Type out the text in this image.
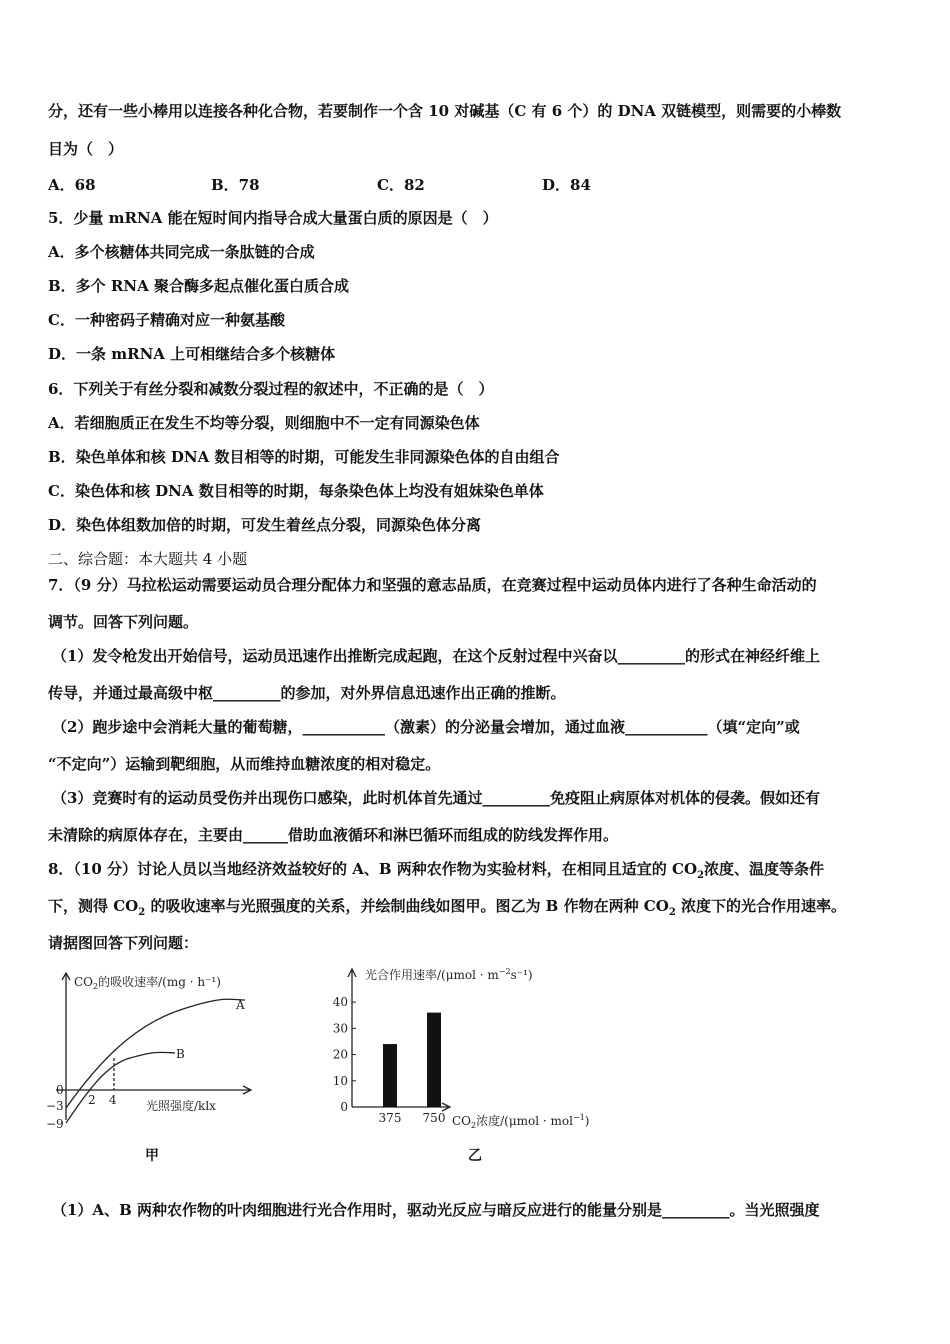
分，还有一些小棒用以连接各种化合物，若要制作一个含 10 对碱基（C 有 6 个）的 DNA 双链模型，则需要的小棒数
目为（　）
A．68	B．78	C．82	D．84
5．少量 mRNA 能在短时间内指导合成大量蛋白质的原因是（　）
A．多个核糖体共同完成一条肽链的合成
B．多个 RNA 聚合酶多起点催化蛋白质合成
C．一种密码子精确对应一种氨基酸
D．一条 mRNA 上可相继结合多个核糖体
6．下列关于有丝分裂和减数分裂过程的叙述中，不正确的是（　）
A．若细胞质正在发生不均等分裂，则细胞中不一定有同源染色体
B．染色单体和核 DNA 数目相等的时期，可能发生非同源染色体的自由组合
C．染色体和核 DNA 数目相等的时期，每条染色体上均没有姐妹染色单体
D．染色体组数加倍的时期，可发生着丝点分裂，同源染色体分离
二、综合题：本大题共 4 小题
7．（9 分）马拉松运动需要运动员合理分配体力和坚强的意志品质，在竞赛过程中运动员体内进行了各种生命活动的
调节。回答下列问题。
（1）发令枪发出开始信号，运动员迅速作出推断完成起跑，在这个反射过程中兴奋以_________的形式在神经纤维上
传导，并通过最高级中枢_________的参加，对外界信息迅速作出正确的推断。
（2）跑步途中会消耗大量的葡萄糖，___________（激素）的分泌量会增加，通过血液___________（填“定向”或
“不定向”）运输到靶细胞，从而维持血糖浓度的相对稳定。
（3）竞赛时有的运动员受伤并出现伤口感染，此时机体首先通过_________免疫阻止病原体对机体的侵袭。假如还有
未清除的病原体存在，主要由______借助血液循环和淋巴循环而组成的防线发挥作用。
8．（10 分）讨论人员以当地经济效益较好的 A、B 两种农作物为实验材料，在相同且适宜的 $CO_2$浓度、温度等条件
下，测得 $CO_2$ 的吸收速率与光照强度的关系，并绘制曲线如图甲。图乙为 B 作物在两种 $CO_2$ 浓度下的光合作用速率。
请据图回答下列问题：
$CO_2$的吸收速率/(mg · h⁻¹)
A
B
0
−3
−9
2 4 光照强度/klx
甲
0
10
20
30
40
375 750
光合作用速率$/(\mu mol \cdot m^{-2}s^{-1})$
$CO_2$浓度/(μmol · mol$^{-1}$)
乙
（1）A、B 两种农作物的叶肉细胞进行光合作用时，驱动光反应与暗反应进行的能量分别是_________。当光照强度
